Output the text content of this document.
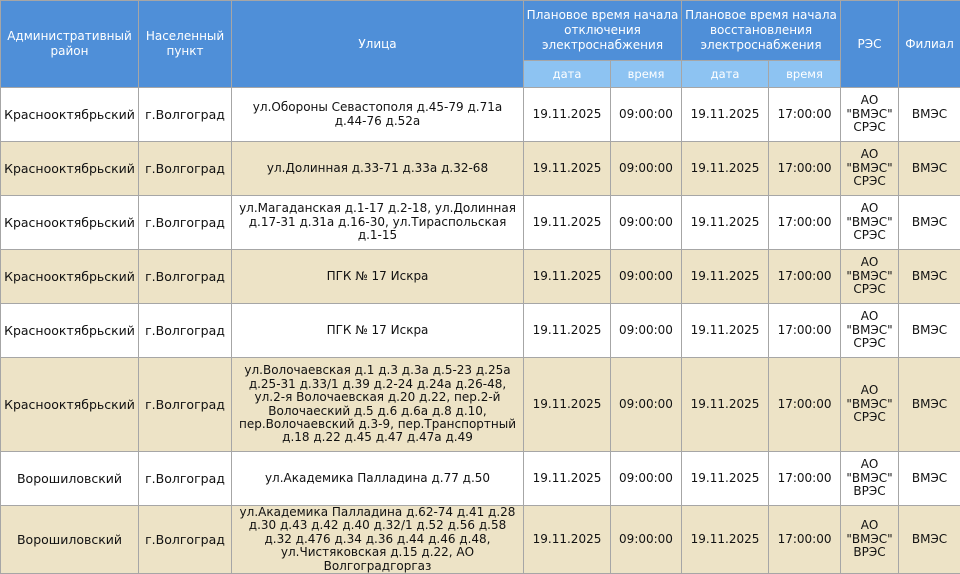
Административный район	Населенный пункт	Улица	Плановое время начала отключения электроснабжения		Плановое время начала восстановления электроснабжения		РЭС	Филиал
			дата	время	дата	время		
Краснооктябрьский	г.Волгоград	ул.Обороны Севастополя д.45-79 д.71а д.44-76 д.52а	19.11.2025	09:00:00	19.11.2025	17:00:00	АО "ВМЭС" СРЭС	ВМЭС
Краснооктябрьский	г.Волгоград	ул.Долинная д.33-71 д.33а д.32-68	19.11.2025	09:00:00	19.11.2025	17:00:00	АО "ВМЭС" СРЭС	ВМЭС
Краснооктябрьский	г.Волгоград	ул.Магаданская д.1-17 д.2-18, ул.Долинная д.17-31 д.31а д.16-30, ул.Тираспольская д.1-15	19.11.2025	09:00:00	19.11.2025	17:00:00	АО "ВМЭС" СРЭС	ВМЭС
Краснооктябрьский	г.Волгоград	ПГК № 17 Искра	19.11.2025	09:00:00	19.11.2025	17:00:00	АО "ВМЭС" СРЭС	ВМЭС
Краснооктябрьский	г.Волгоград	ПГК № 17 Искра	19.11.2025	09:00:00	19.11.2025	17:00:00	АО "ВМЭС" СРЭС	ВМЭС
Краснооктябрьский	г.Волгоград	ул.Волочаевская д.1 д.3 д.3а д.5-23 д.25а д.25-31 д.33/1 д.39 д.2-24 д.24а д.26-48, ул.2-я Волочаевская д.20 д.22, пер.2-й Волочаеский д.5 д.6 д.6а д.8 д.10, пер.Волочаевский д.3-9, пер.Транспортный д.18 д.22 д.45 д.47 д.47а д.49	19.11.2025	09:00:00	19.11.2025	17:00:00	АО "ВМЭС" СРЭС	ВМЭС
Ворошиловский	г.Волгоград	ул.Академика Палладина д.77 д.50	19.11.2025	09:00:00	19.11.2025	17:00:00	АО "ВМЭС" ВРЭС	ВМЭС
Ворошиловский	г.Волгоград	ул.Академика Палладина д.62-74 д.41 д.28 д.30 д.43 д.42 д.40 д.32/1 д.52 д.56 д.58 д.32 д.476 д.34 д.36 д.44 д.46 д.48, ул.Чистяковская д.15 д.22, АО Волгоградгоргаз	19.11.2025	09:00:00	19.11.2025	17:00:00	АО "ВМЭС" ВРЭС	ВМЭС
